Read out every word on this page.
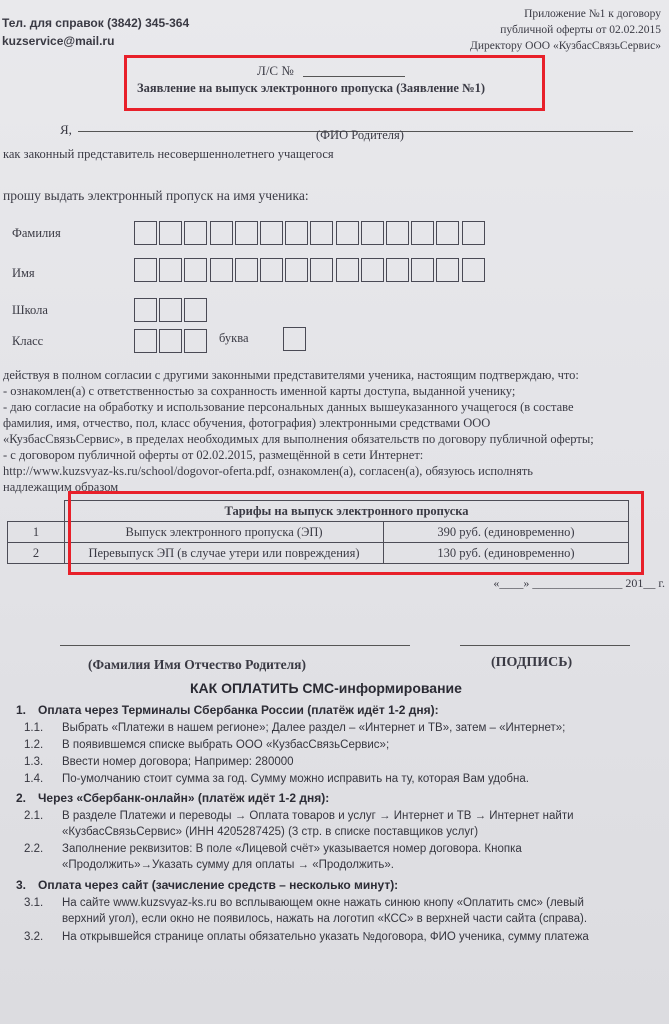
Тел. для справок (3842) 345-364
kuzservice@mail.ru
Приложение №1 к договору
публичной оферты от 02.02.2015
Директору ООО «КузбасСвязьСервис»
Л/С №
Заявление на выпуск электронного пропуска (Заявление №1)
Я,	(ФИО Родителя)
как законный представитель несовершеннолетнего учащегося
прошу выдать электронный пропуск на имя ученика:
Фамилия
Имя
Школа
Класс	буква
действуя в полном согласии с другими законными представителями ученика, настоящим подтверждаю, что:
- ознакомлен(а) с ответственностью за сохранность именной карты доступа, выданной ученику;
- даю согласие на обработку и использование персональных данных вышеуказанного учащегося (в составе
фамилия, имя, отчество, пол, класс обучения, фотография) электронными средствами ООО
«КузбасСвязьСервис», в пределах необходимых для выполнения обязательств по договору публичной оферты;
- с договором публичной оферты от 02.02.2015, размещённой в сети Интернет:
http://www.kuzsvyaz-ks.ru/school/dogovor-oferta.pdf, ознакомлен(а), согласен(а), обязуюсь исполнять
надлежащим образом
	Тарифы на выпуск электронного пропуска	
1	Выпуск электронного пропуска (ЭП)	390 руб. (единовременно)
2	Перевыпуск ЭП (в случае утери или повреждения)	130 руб. (единовременно)
«____» _______________ 201__ г.
(Фамилия Имя Отчество Родителя)	(ПОДПИСЬ)
КАК ОПЛАТИТЬ СМС-информирование
1. Оплата через Терминалы Сбербанка России (платёж идёт 1-2 дня):
1.1. Выбрать «Платежи в нашем регионе»; Далее раздел – «Интернет и ТВ», затем – «Интернет»;
1.2. В появившемся списке выбрать ООО «КузбасСвязьСервис»;
1.3. Ввести номер договора; Например: 280000
1.4. По-умолчанию стоит сумма за год. Сумму можно исправить на ту, которая Вам удобна.
2. Через «Сбербанк-онлайн» (платёж идёт 1-2 дня):
2.1. В разделе Платежи и переводы → Оплата товаров и услуг → Интернет и ТВ → Интернет найти
«КузбасСвязьСервис» (ИНН 4205287425) (3 стр. в списке поставщиков услуг)
2.2. Заполнение реквизитов: В поле «Лицевой счёт» указывается номер договора. Кнопка
«Продолжить»→Указать сумму для оплаты → «Продолжить».
3. Оплата через сайт (зачисление средств – несколько минут):
3.1. На сайте www.kuzsvyaz-ks.ru во всплывающем окне нажать синюю кнопу «Оплатить смс» (левый
верхний угол), если окно не появилось, нажать на логотип «КСС» в верхней части сайта (справа).
3.2. На открывшейся странице оплаты обязательно указать №договора, ФИО ученика, сумму платежа
